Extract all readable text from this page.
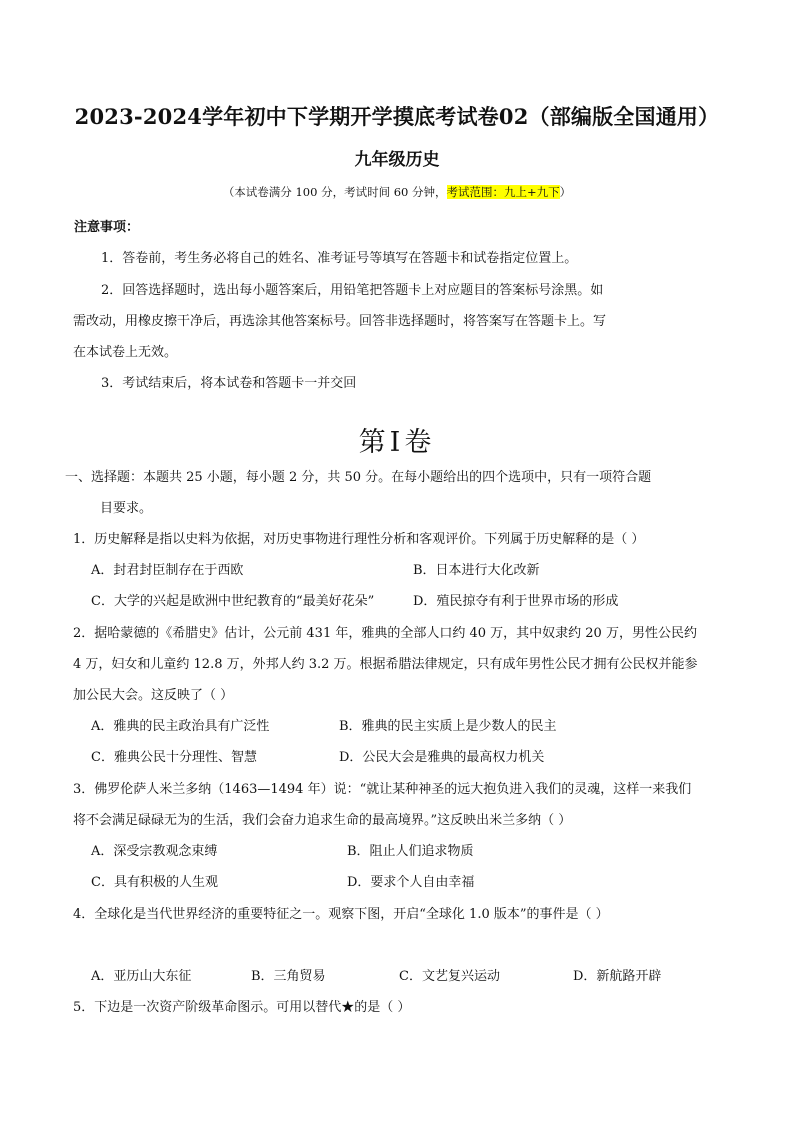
2023-2024学年初中下学期开学摸底考试卷02（部编版全国通用）
九年级历史
（本试卷满分 100 分，考试时间 60 分钟，考试范围：九上+九下）
注意事项：
1．答卷前，考生务必将自己的姓名、准考证号等填写在答题卡和试卷指定位置上。
2．回答选择题时，选出每小题答案后，用铅笔把答题卡上对应题目的答案标号涂黑。如
需改动，用橡皮擦干净后，再选涂其他答案标号。回答非选择题时，将答案写在答题卡上。写
在本试卷上无效。
3．考试结束后，将本试卷和答题卡一并交回
第Ⅰ卷
一、选择题：本题共 25 小题，每小题 2 分，共 50 分。在每小题给出的四个选项中，只有一项符合题
目要求。
1．历史解释是指以史料为依据，对历史事物进行理性分析和客观评价。下列属于历史解释的是（ ）
A．封君封臣制存在于西欧	B．日本进行大化改新
C．大学的兴起是欧洲中世纪教育的“最美好花朵”	D．殖民掠夺有利于世界市场的形成
2．据哈蒙德的《希腊史》估计，公元前 431 年，雅典的全部人口约 40 万，其中奴隶约 20 万，男性公民约
4 万，妇女和儿童约 12.8 万，外邦人约 3.2 万。根据希腊法律规定，只有成年男性公民才拥有公民权并能参
加公民大会。这反映了（ ）
A．雅典的民主政治具有广泛性	B．雅典的民主实质上是少数人的民主
C．雅典公民十分理性、智慧	D．公民大会是雅典的最高权力机关
3．佛罗伦萨人米兰多纳（1463—1494 年）说：“就让某种神圣的远大抱负进入我们的灵魂，这样一来我们
将不会满足碌碌无为的生活，我们会奋力追求生命的最高境界。”这反映出米兰多纳（ ）
A．深受宗教观念束缚	B．阻止人们追求物质
C．具有积极的人生观	D．要求个人自由幸福
4．全球化是当代世界经济的重要特征之一。观察下图，开启“全球化 1.0 版本”的事件是（ ）
A．亚历山大东征	B．三角贸易	C．文艺复兴运动	D．新航路开辟
5．下边是一次资产阶级革命图示。可用以替代★的是（ ）
